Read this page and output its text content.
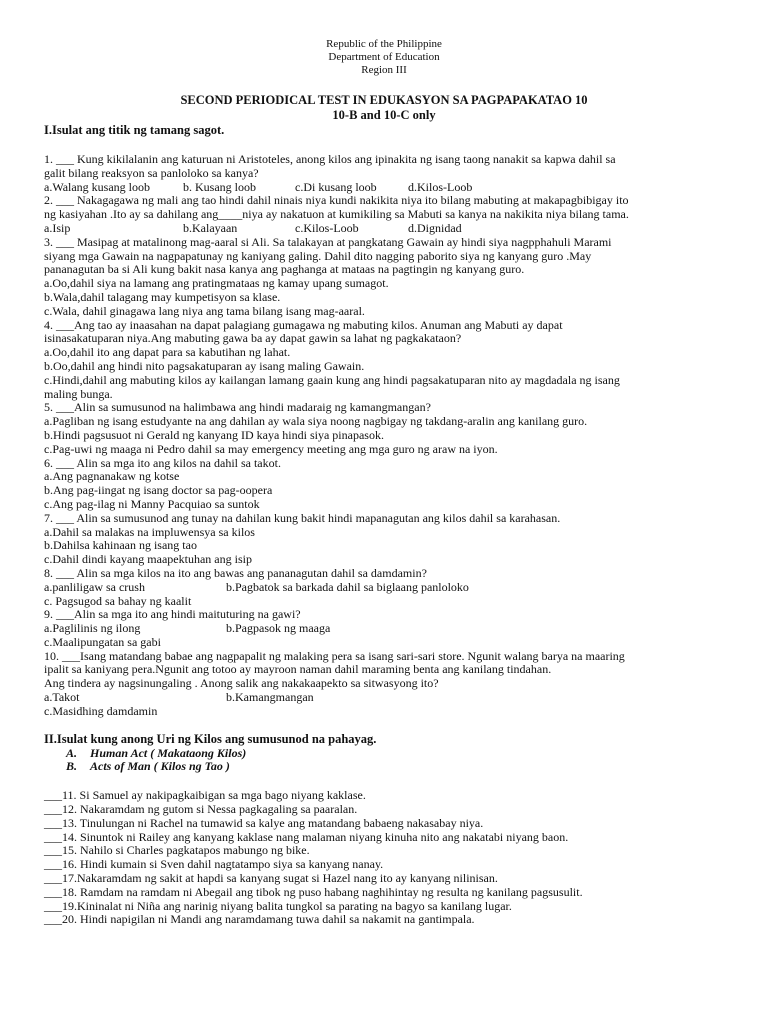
Republic of the Philippine
Department of Education
Region III
SECOND PERIODICAL TEST IN EDUKASYON SA PAGPAPAKATAO 10
10-B and 10-C only
I.Isulat ang titik ng tamang sagot.
1. ___ Kung kikilalanin ang katuruan ni Aristoteles, anong kilos ang ipinakita ng isang taong nanakit sa kapwa dahil sa
galit bilang reaksyon sa panloloko sa kanya?
a.Walang kusang loob	b. Kusang loob	c.Di kusang loob	d.Kilos-Loob
2. ___ Nakagagawa ng mali ang tao hindi dahil ninais niya kundi nakikita niya ito bilang mabuting at makapagbibigay ito
ng kasiyahan .Ito ay sa dahilang ang____niya ay nakatuon at kumikiling sa Mabuti sa kanya na nakikita niya bilang tama.
a.Isip	b.Kalayaan	c.Kilos-Loob	d.Dignidad
3. ___ Masipag at matalinong mag-aaral si Ali. Sa talakayan at pangkatang Gawain ay hindi siya nagpphahuli Marami
siyang mga Gawain na nagpapatunay ng kaniyang galing. Dahil dito nagging paborito siya ng kanyang guro .May
pananagutan ba si Ali kung bakit nasa kanya ang paghanga at mataas na pagtingin ng kanyang guro.
a.Oo,dahil siya na lamang ang pratingmataas ng kamay upang sumagot.
b.Wala,dahil talagang may kumpetisyon sa klase.
c.Wala, dahil ginagawa lang niya ang tama bilang isang mag-aaral.
4. ___Ang tao ay inaasahan na dapat palagiang gumagawa ng mabuting kilos. Anuman ang Mabuti ay dapat
isinasakatuparan niya.Ang mabuting gawa ba ay dapat gawin sa lahat ng pagkakataon?
a.Oo,dahil ito ang dapat para sa kabutihan ng lahat.
b.Oo,dahil ang hindi nito pagsakatuparan ay isang maling Gawain.
c.Hindi,dahil ang mabuting kilos ay kailangan lamang gaain kung ang hindi pagsakatuparan nito ay magdadala ng isang
maling bunga.
5. ___Alin sa sumusunod na halimbawa ang hindi madaraig ng kamangmangan?
a.Pagliban ng isang estudyante na ang dahilan ay wala siya noong nagbigay ng takdang-aralin ang kanilang guro.
b.Hindi pagsusuot ni Gerald ng kanyang ID kaya hindi siya pinapasok.
c.Pag-uwi ng maaga ni Pedro dahil sa may emergency meeting ang mga guro ng araw na iyon.
6. ___ Alin sa mga ito ang kilos na dahil sa takot.
a.Ang pagnanakaw ng kotse
b.Ang pag-iingat ng isang doctor sa pag-oopera
c.Ang pag-ilag ni Manny Pacquiao sa suntok
7. ___ Alin sa sumusunod ang tunay na dahilan kung bakit hindi mapanagutan ang kilos dahil sa karahasan.
a.Dahil sa malakas na impluwensya sa kilos
b.Dahilsa kahinaan ng isang tao
c.Dahil dindi kayang maapektuhan ang isip
8. ___ Alin sa mga kilos na ito ang bawas ang pananagutan dahil sa damdamin?
a.panliligaw sa crush	b.Pagbatok sa barkada dahil sa biglaang panloloko
c. Pagsugod sa bahay ng kaalit
9. ___Alin sa mga ito ang hindi maituturing na gawi?
a.Paglilinis ng ilong	b.Pagpasok ng maaga
c.Maalipungatan sa gabi
10. ___Isang matandang babae ang nagpapalit ng malaking pera sa isang sari-sari store. Ngunit walang barya na maaring
ipalit sa kaniyang pera.Ngunit ang totoo ay mayroon naman dahil maraming benta ang kanilang tindahan.
Ang tindera ay nagsinungaling . Anong salik ang nakakaapekto sa sitwasyong ito?
a.Takot	b.Kamangmangan
c.Masidhing damdamin
II.Isulat kung anong Uri ng Kilos ang sumusunod na pahayag.
A. Human Act ( Makataong Kilos)
B. Acts of Man ( Kilos ng Tao )
___11. Si Samuel ay nakipagkaibigan sa mga bago niyang kaklase.
___12. Nakaramdam ng gutom si Nessa pagkagaling sa paaralan.
___13. Tinulungan ni Rachel na tumawid sa kalye ang matandang babaeng nakasabay niya.
___14. Sinuntok ni Railey ang kanyang kaklase nang malaman niyang kinuha nito ang nakatabi niyang baon.
___15. Nahilo si Charles pagkatapos mabungo ng bike.
___16. Hindi kumain si Sven dahil nagtatampo siya sa kanyang nanay.
___17.Nakaramdam ng sakit at hapdi sa kanyang sugat si Hazel nang ito ay kanyang nilinisan.
___18. Ramdam na ramdam ni Abegail ang tibok ng puso habang naghihintay ng resulta ng kanilang pagsusulit.
___19.Kininalat ni Niña ang narinig niyang balita tungkol sa parating na bagyo sa kanilang lugar.
___20. Hindi napigilan ni Mandi ang naramdamang tuwa dahil sa nakamit na gantimpala.
